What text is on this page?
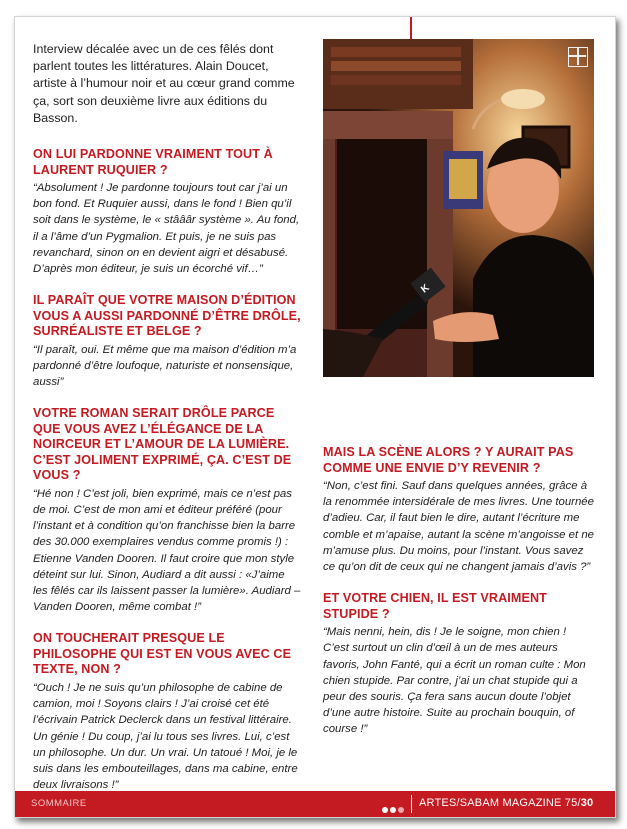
Interview décalée avec un de ces fêlés dont parlent toutes les littératures. Alain Doucet, artiste à l’humour noir et au cœur grand comme ça, sort son deuxième livre aux éditions du Basson.

ON LUI PARDONNE VRAIMENT TOUT À LAURENT RUQUIER ?

“Absolument ! Je pardonne toujours tout car j’ai un bon fond. Et Ruquier aussi, dans le fond ! Bien qu’il soit dans le système, le « stâââr système ». Au fond, il a l’âme d’un Pygmalion. Et puis, je ne suis pas revanchard, sinon on en devient aigri et désabusé. D’après mon éditeur, je suis un écorché vif…”

IL PARAÎT QUE VOTRE MAISON D’ÉDITION VOUS A AUSSI PARDONNÉ D’ÊTRE DRÔLE, SURRÉALISTE ET BELGE ?

“Il paraît, oui. Et même que ma maison d’édition m’a pardonné d’être loufoque, naturiste et nonsensique, aussi”

VOTRE ROMAN SERAIT DRÔLE PARCE QUE VOUS AVEZ L’ÉLÉGANCE DE LA NOIRCEUR ET L’AMOUR DE LA LUMIÈRE. C’EST JOLIMENT EXPRIMÉ, ÇA. C’EST DE VOUS ?

“Hé non ! C’est joli, bien exprimé, mais ce n’est pas de moi. C’est de mon ami et éditeur préféré (pour l’instant et à condition qu’on franchisse bien la barre des 30.000 exemplaires vendus comme promis !) : Etienne Vanden Dooren. Il faut croire que mon style déteint sur lui. Sinon, Audiard a dit aussi : «J’aime les fêlés car ils laissent passer la lumière». Audiard – Vanden Dooren, même combat !”

ON TOUCHERAIT PRESQUE LE PHILOSOPHE QUI EST EN VOUS AVEC CE TEXTE, NON ?

“Ouch ! Je ne suis qu’un philosophe de cabine de camion, moi ! Soyons clairs ! J’ai croisé cet été l’écrivain Patrick Declerck dans un festival littéraire. Un génie ! Du coup, j’ai lu tous ses livres. Lui, c’est un philosophe. Un dur. Un vrai. Un tatoué ! Moi, je le suis dans les embouteillages, dans ma cabine, entre deux livraisons !”

K
MAIS LA SCÈNE ALORS ? Y AURAIT PAS COMME UNE ENVIE D’Y REVENIR ?

“Non, c’est fini. Sauf dans quelques années, grâce à la renommée intersidérale de mes livres. Une tournée d’adieu. Car, il faut bien le dire, autant l’écriture me comble et m’apaise, autant la scène m’angoisse et ne m’amuse plus. Du moins, pour l’instant. Vous savez ce qu’on dit de ceux qui ne changent jamais d’avis ?”

ET VOTRE CHIEN, IL EST VRAIMENT STUPIDE ?

“Mais nenni, hein, dis ! Je le soigne, mon chien ! C’est surtout un clin d’œil à un de mes auteurs favoris, John Fanté, qui a écrit un roman culte : Mon chien stupide. Par contre, j’ai un chat stupide qui a peur des souris. Ça fera sans aucun doute l’objet d’une autre histoire. Suite au prochain bouquin, of course !”

SOMMAIRE	ARTES/SABAM MAGAZINE 75/30
